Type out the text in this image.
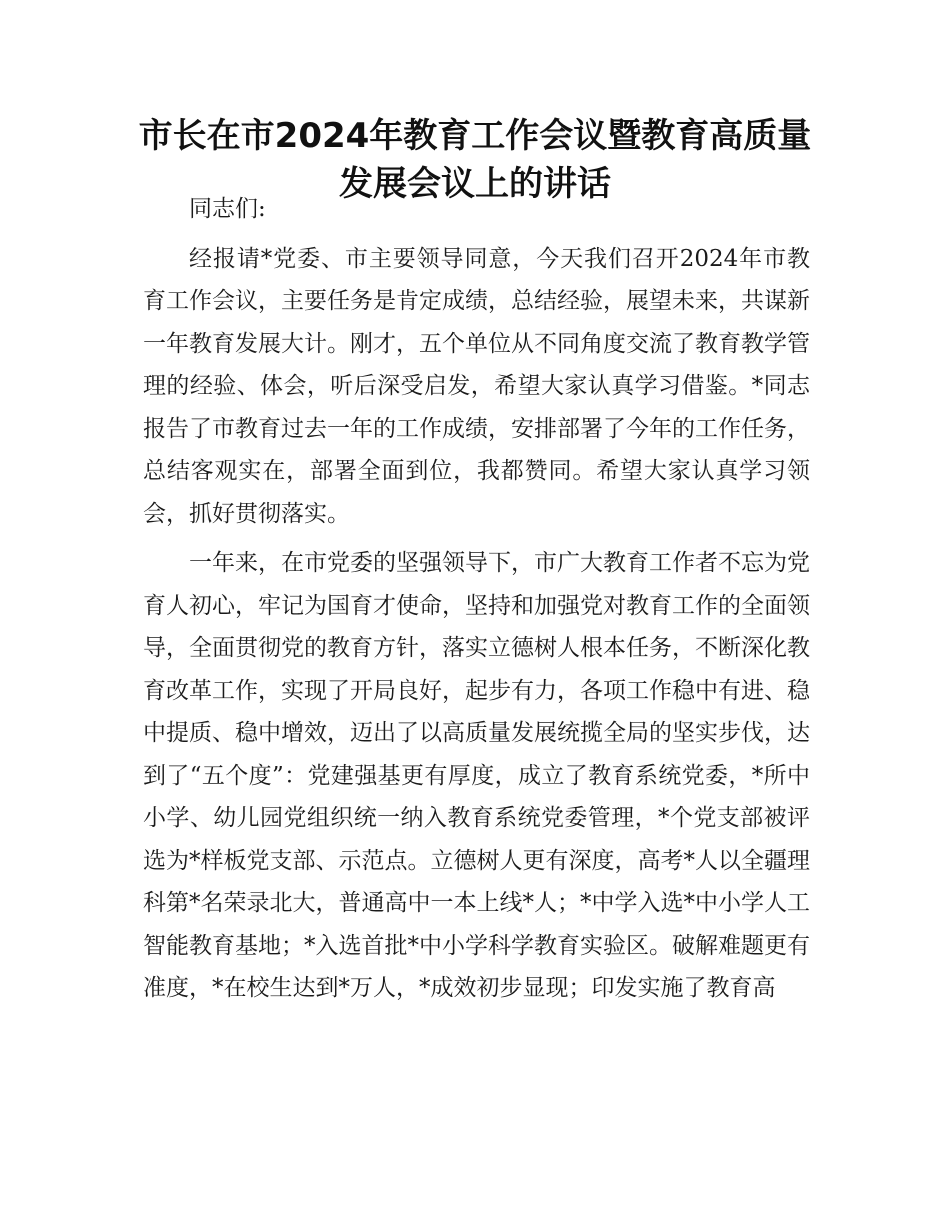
市长在市2024年教育工作会议暨教育高质量发展会议上的讲话

同志们:

经报请*党委、市主要领导同意，今天我们召开2024年市教育工作会议，主要任务是肯定成绩，总结经验，展望未来，共谋新一年教育发展大计。刚才，五个单位从不同角度交流了教育教学管理的经验、体会，听后深受启发，希望大家认真学习借鉴。*同志报告了市教育过去一年的工作成绩，安排部署了今年的工作任务，总结客观实在，部署全面到位，我都赞同。希望大家认真学习领会，抓好贯彻落实。

一年来，在市党委的坚强领导下，市广大教育工作者不忘为党育人初心，牢记为国育才使命，坚持和加强党对教育工作的全面领导，全面贯彻党的教育方针，落实立德树人根本任务，不断深化教育改革工作，实现了开局良好，起步有力，各项工作稳中有进、稳中提质、稳中增效，迈出了以高质量发展统揽全局的坚实步伐，达到了“五个度”：党建强基更有厚度，成立了教育系统党委，*所中小学、幼儿园党组织统一纳入教育系统党委管理，*个党支部被评选为*样板党支部、示范点。立德树人更有深度，高考*人以全疆理科第*名荣录北大，普通高中一本上线*人；*中学入选*中小学人工智能教育基地；*入选首批*中小学科学教育实验区。破解难题更有准度，*在校生达到*万人，*成效初步显现；印发实施了教育高
